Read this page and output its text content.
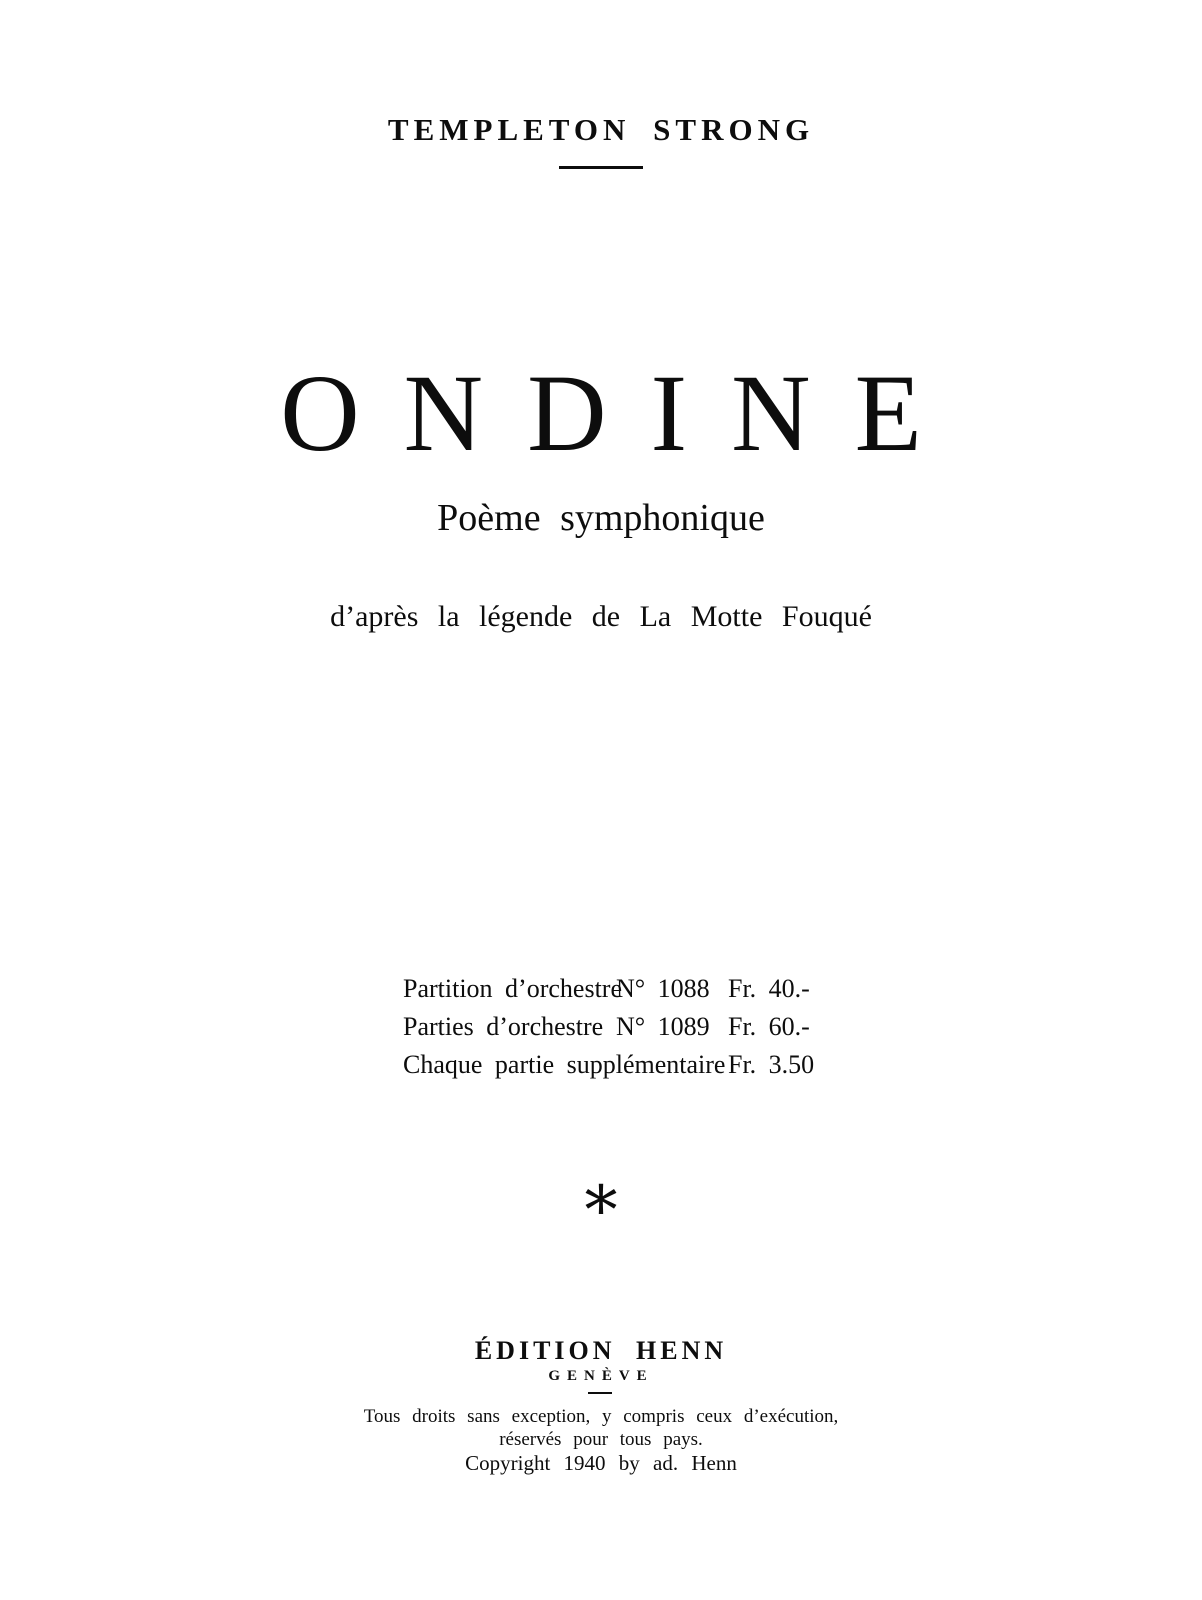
TEMPLETON STRONG
ONDINE
Poème symphonique
d’après la légende de La Motte Fouqué
Partition d’orchestre
N° 1088 Fr. 40.-
Parties d’orchestre N° 1089 Fr. 60.-
Chaque partie supplémentaire Fr. 3.50
*
ÉDITION HENN
GENÈVE
Tous droits sans exception, y compris ceux d’exécution,
réservés pour tous pays.
Copyright 1940 by ad. Henn
